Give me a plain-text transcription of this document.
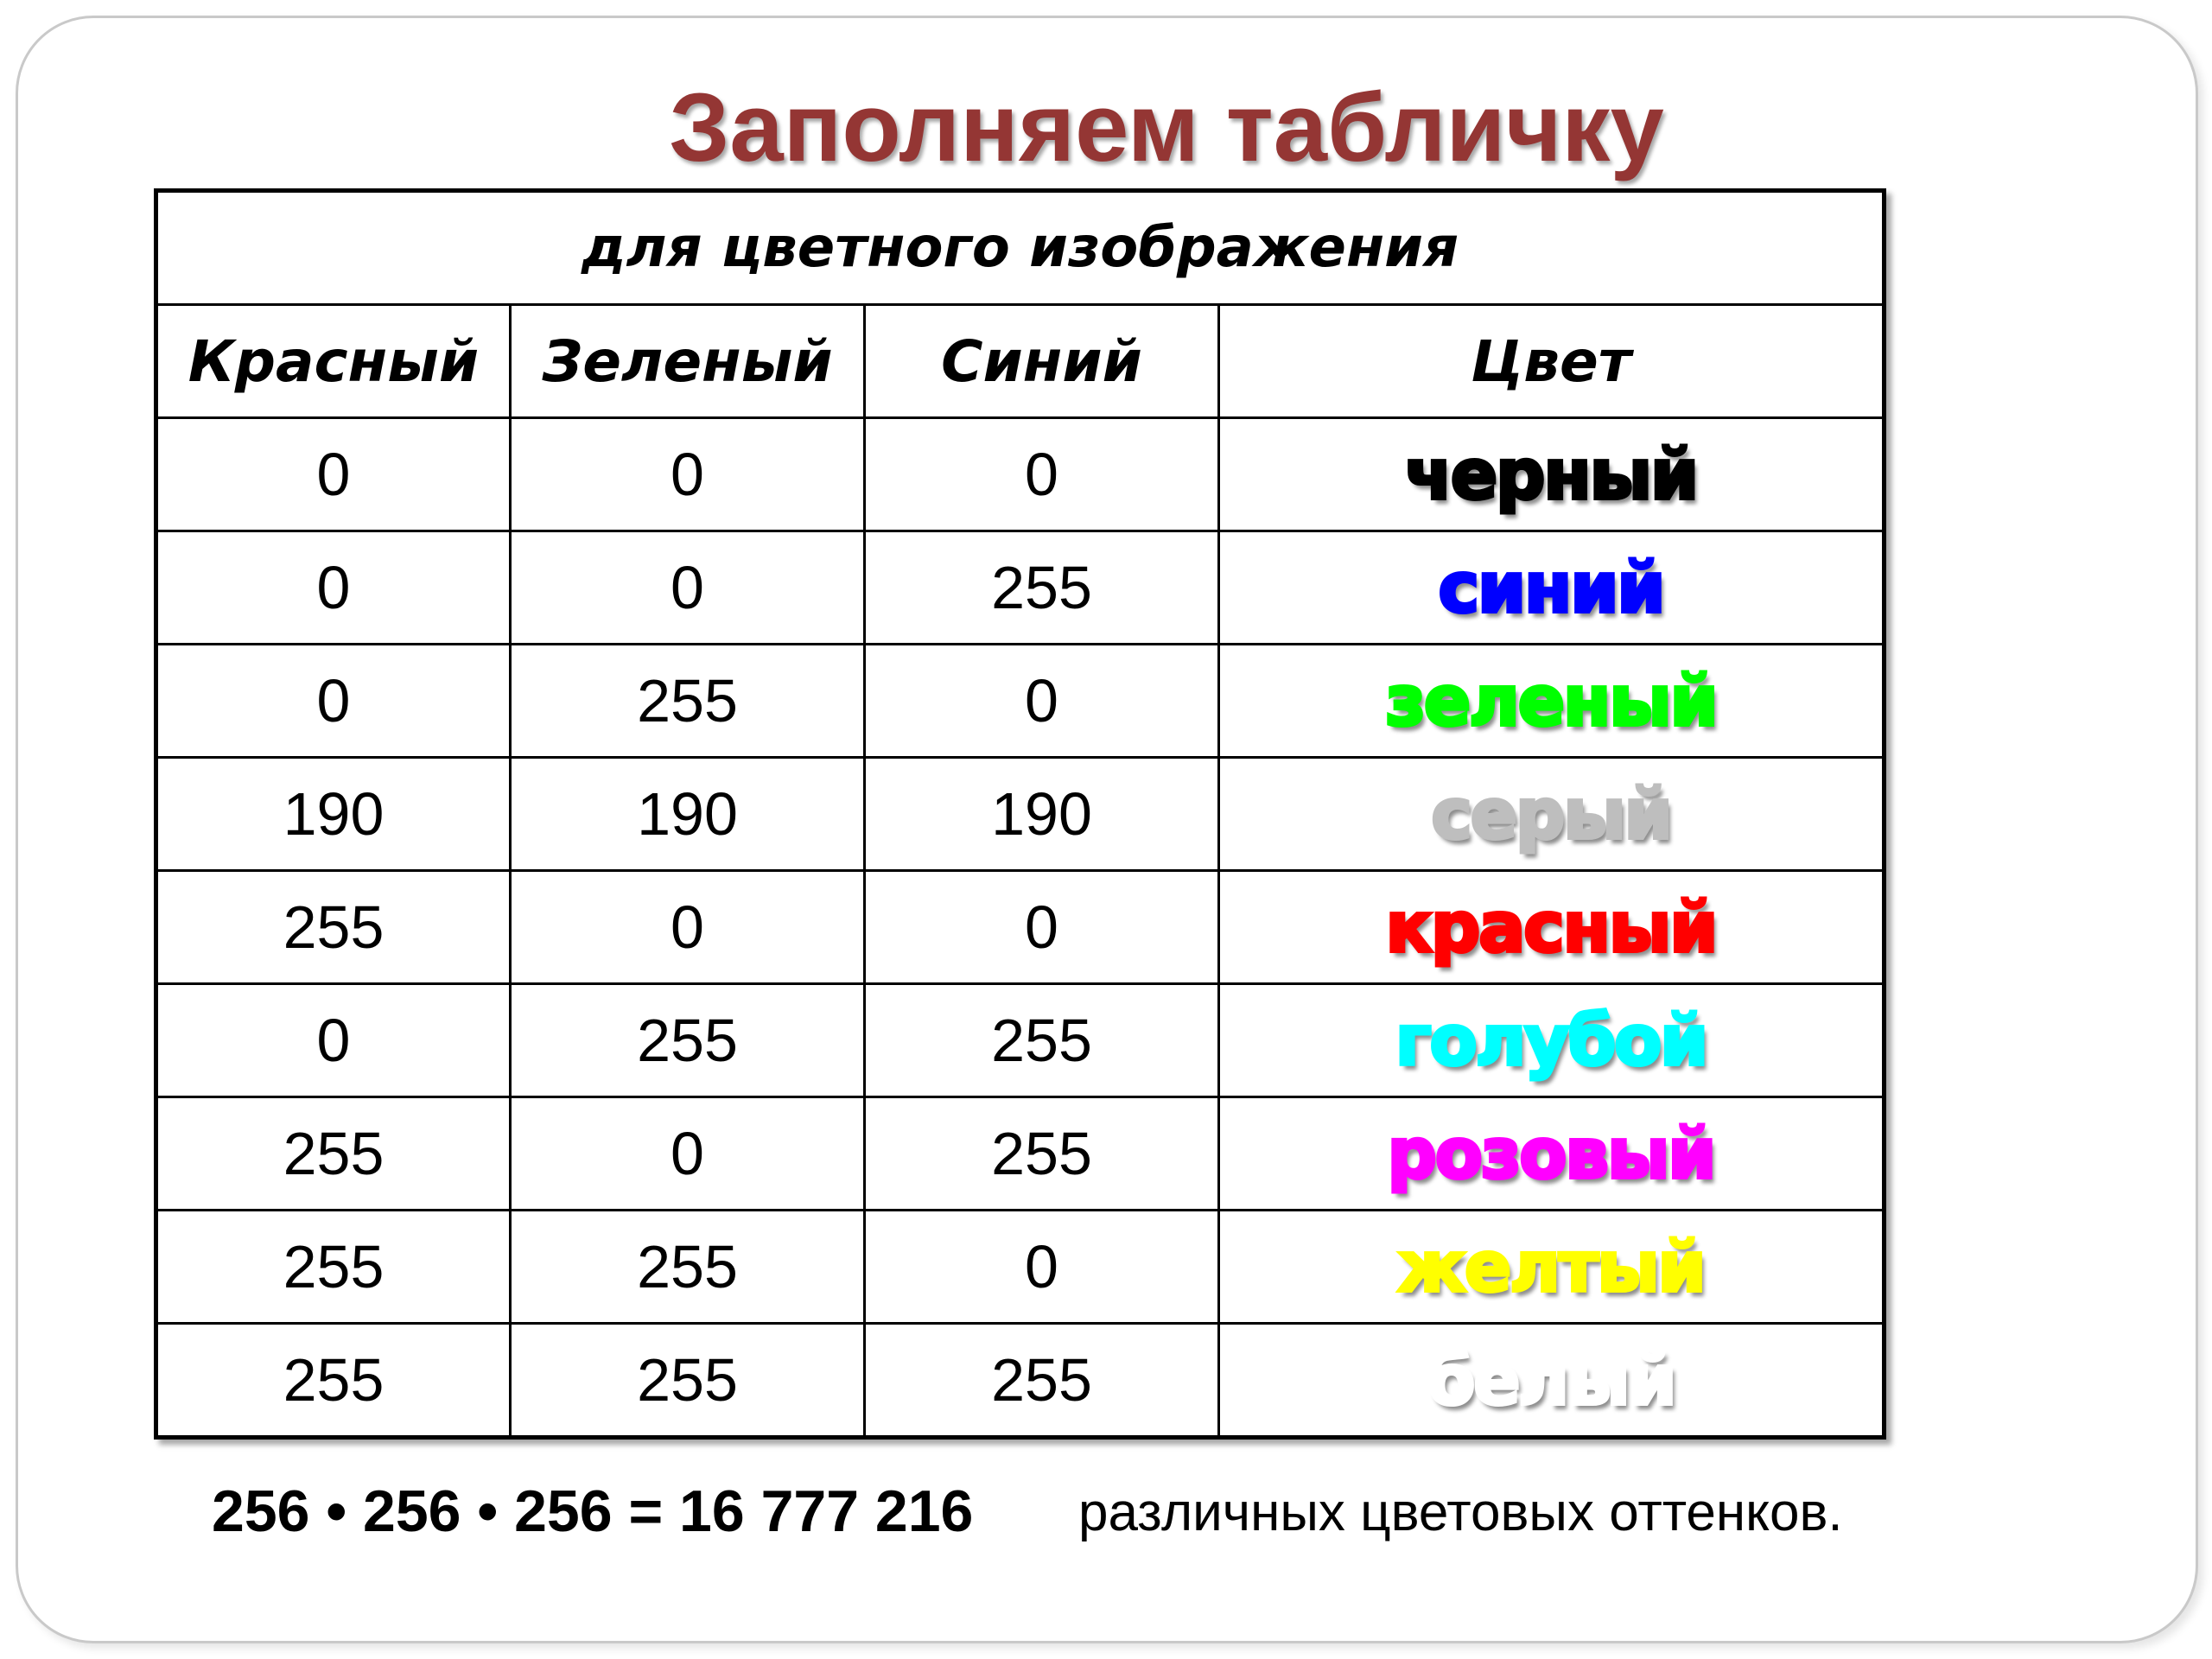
Заполняем табличку
для цветного изображения			
Красный	Зеленый	Синий	Цвет
0	0	0	черный
0	0	255	синий
0	255	0	зеленый
190	190	190	серый
255	0	0	красный
0	255	255	голубой
255	0	255	розовый
255	255	0	желтый
255	255	255	белый
256 • 256 • 256 = 16 777 216 различных цветовых оттенков.
